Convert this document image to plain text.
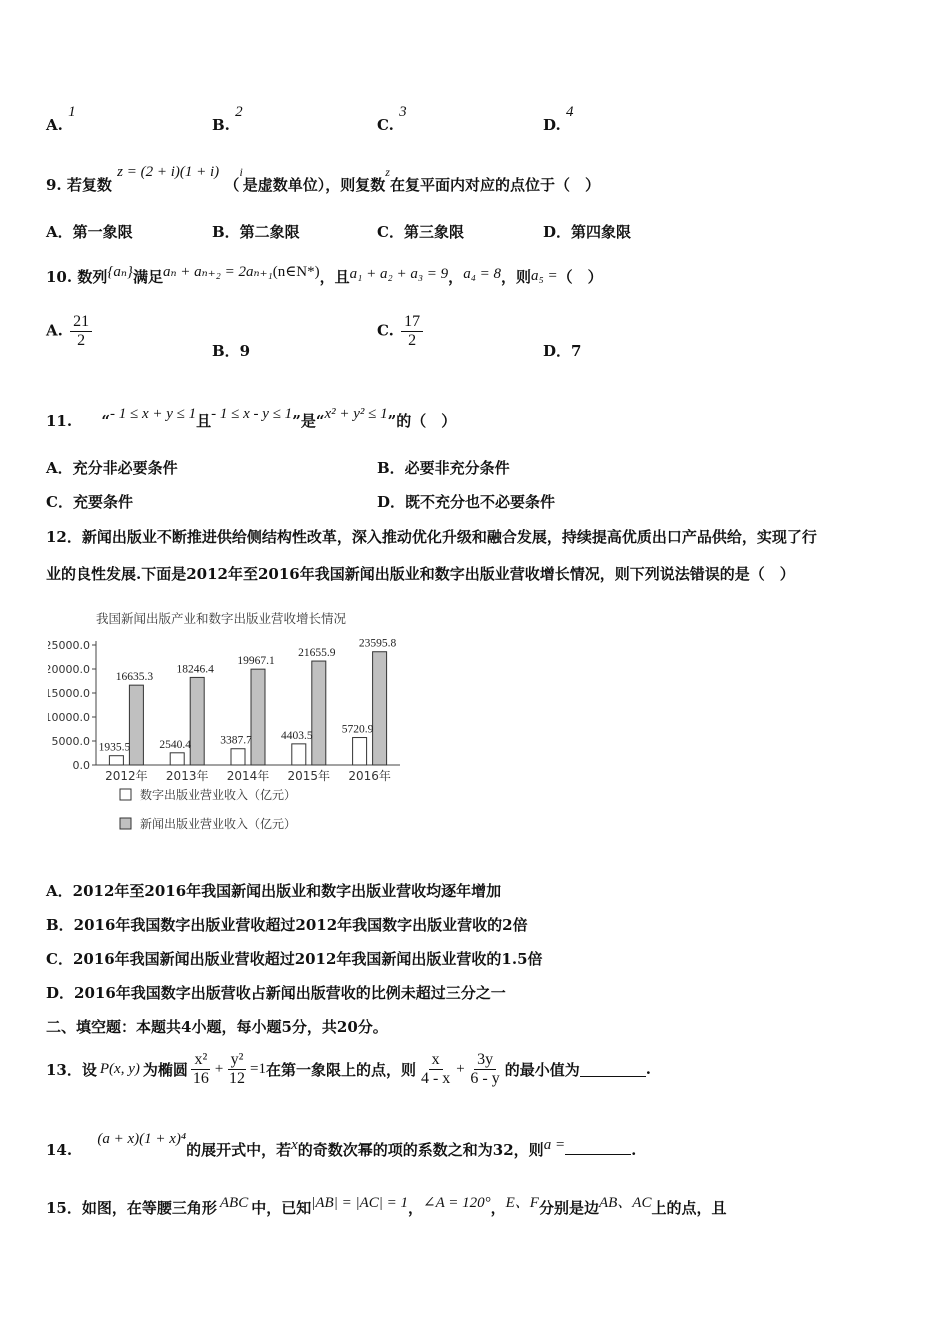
A. 1
B. 2
C. 3
D. 4
9. 若复数 z = (2 + i)(1 + i) （$^i$是虚数单位），则复数$^z$在复平面内对应的点位于（　）
A．第一象限	B．第二象限	C．第三象限	D．第四象限
10. 数列{aₙ}满足aₙ + aₙ₊₂ = 2aₙ₊₁(n∈N*)，且a₁ + a₂ + a₃ = 9，a₄ = 8，则a₅ =（　）
A. $\frac{21}{2}$
B．9
C. $\frac{17}{2}$
D．7
11. “- 1 ≤ x + y ≤ 1且- 1 ≤ x - y ≤ 1”是“x² + y² ≤ 1”的（　）
A．充分非必要条件	B．必要非充分条件
C．充要条件	D．既不充分也不必要条件
12．新闻出版业不断推进供给侧结构性改革，深入推动优化升级和融合发展，持续提高优质出口产品供给，实现了行
业的良性发展.下面是2012年至2016年我国新闻出版业和数字出版业营收增长情况，则下列说法错误的是（　）
我国新闻出版产业和数字出版业营收增长情况
0.0
5000.0
10000.0
15000.0
20000.0
25000.0
1935.5
16635.3
2012年
2540.4
18246.4
2013年
3387.7
19967.1
2014年
4403.5
21655.9
2015年
5720.9
23595.8
2016年
数字出版业营业收入（亿元）
新闻出版业营业收入（亿元）
A．2012年至2016年我国新闻出版业和数字出版业营收均逐年增加
B．2016年我国数字出版业营收超过2012年我国数字出版业营收的2倍
C．2016年我国新闻出版业营收超过2012年我国新闻出版业营收的1.5倍
D．2016年我国数字出版营收占新闻出版营收的比例未超过三分之一
二、填空题：本题共4小题，每小题5分，共20分。
13．设 P(x, y) 为椭圆 $\frac{\text{x²}}{16} + \frac{\text{y²}}{12} =1$ 在第一象限上的点，则 $\frac{x}{4 - x} + \frac{3y}{6 - y}$ 的最小值为	.
14. (a + x)(1 + x)⁴的展开式中，若x的奇数次幂的项的系数之和为32，则a =	.
15．如图，在等腰三角形 ABC 中，已知|AB| = |AC| = 1，∠A = 120°，E、F分别是边AB、AC上的点，且
